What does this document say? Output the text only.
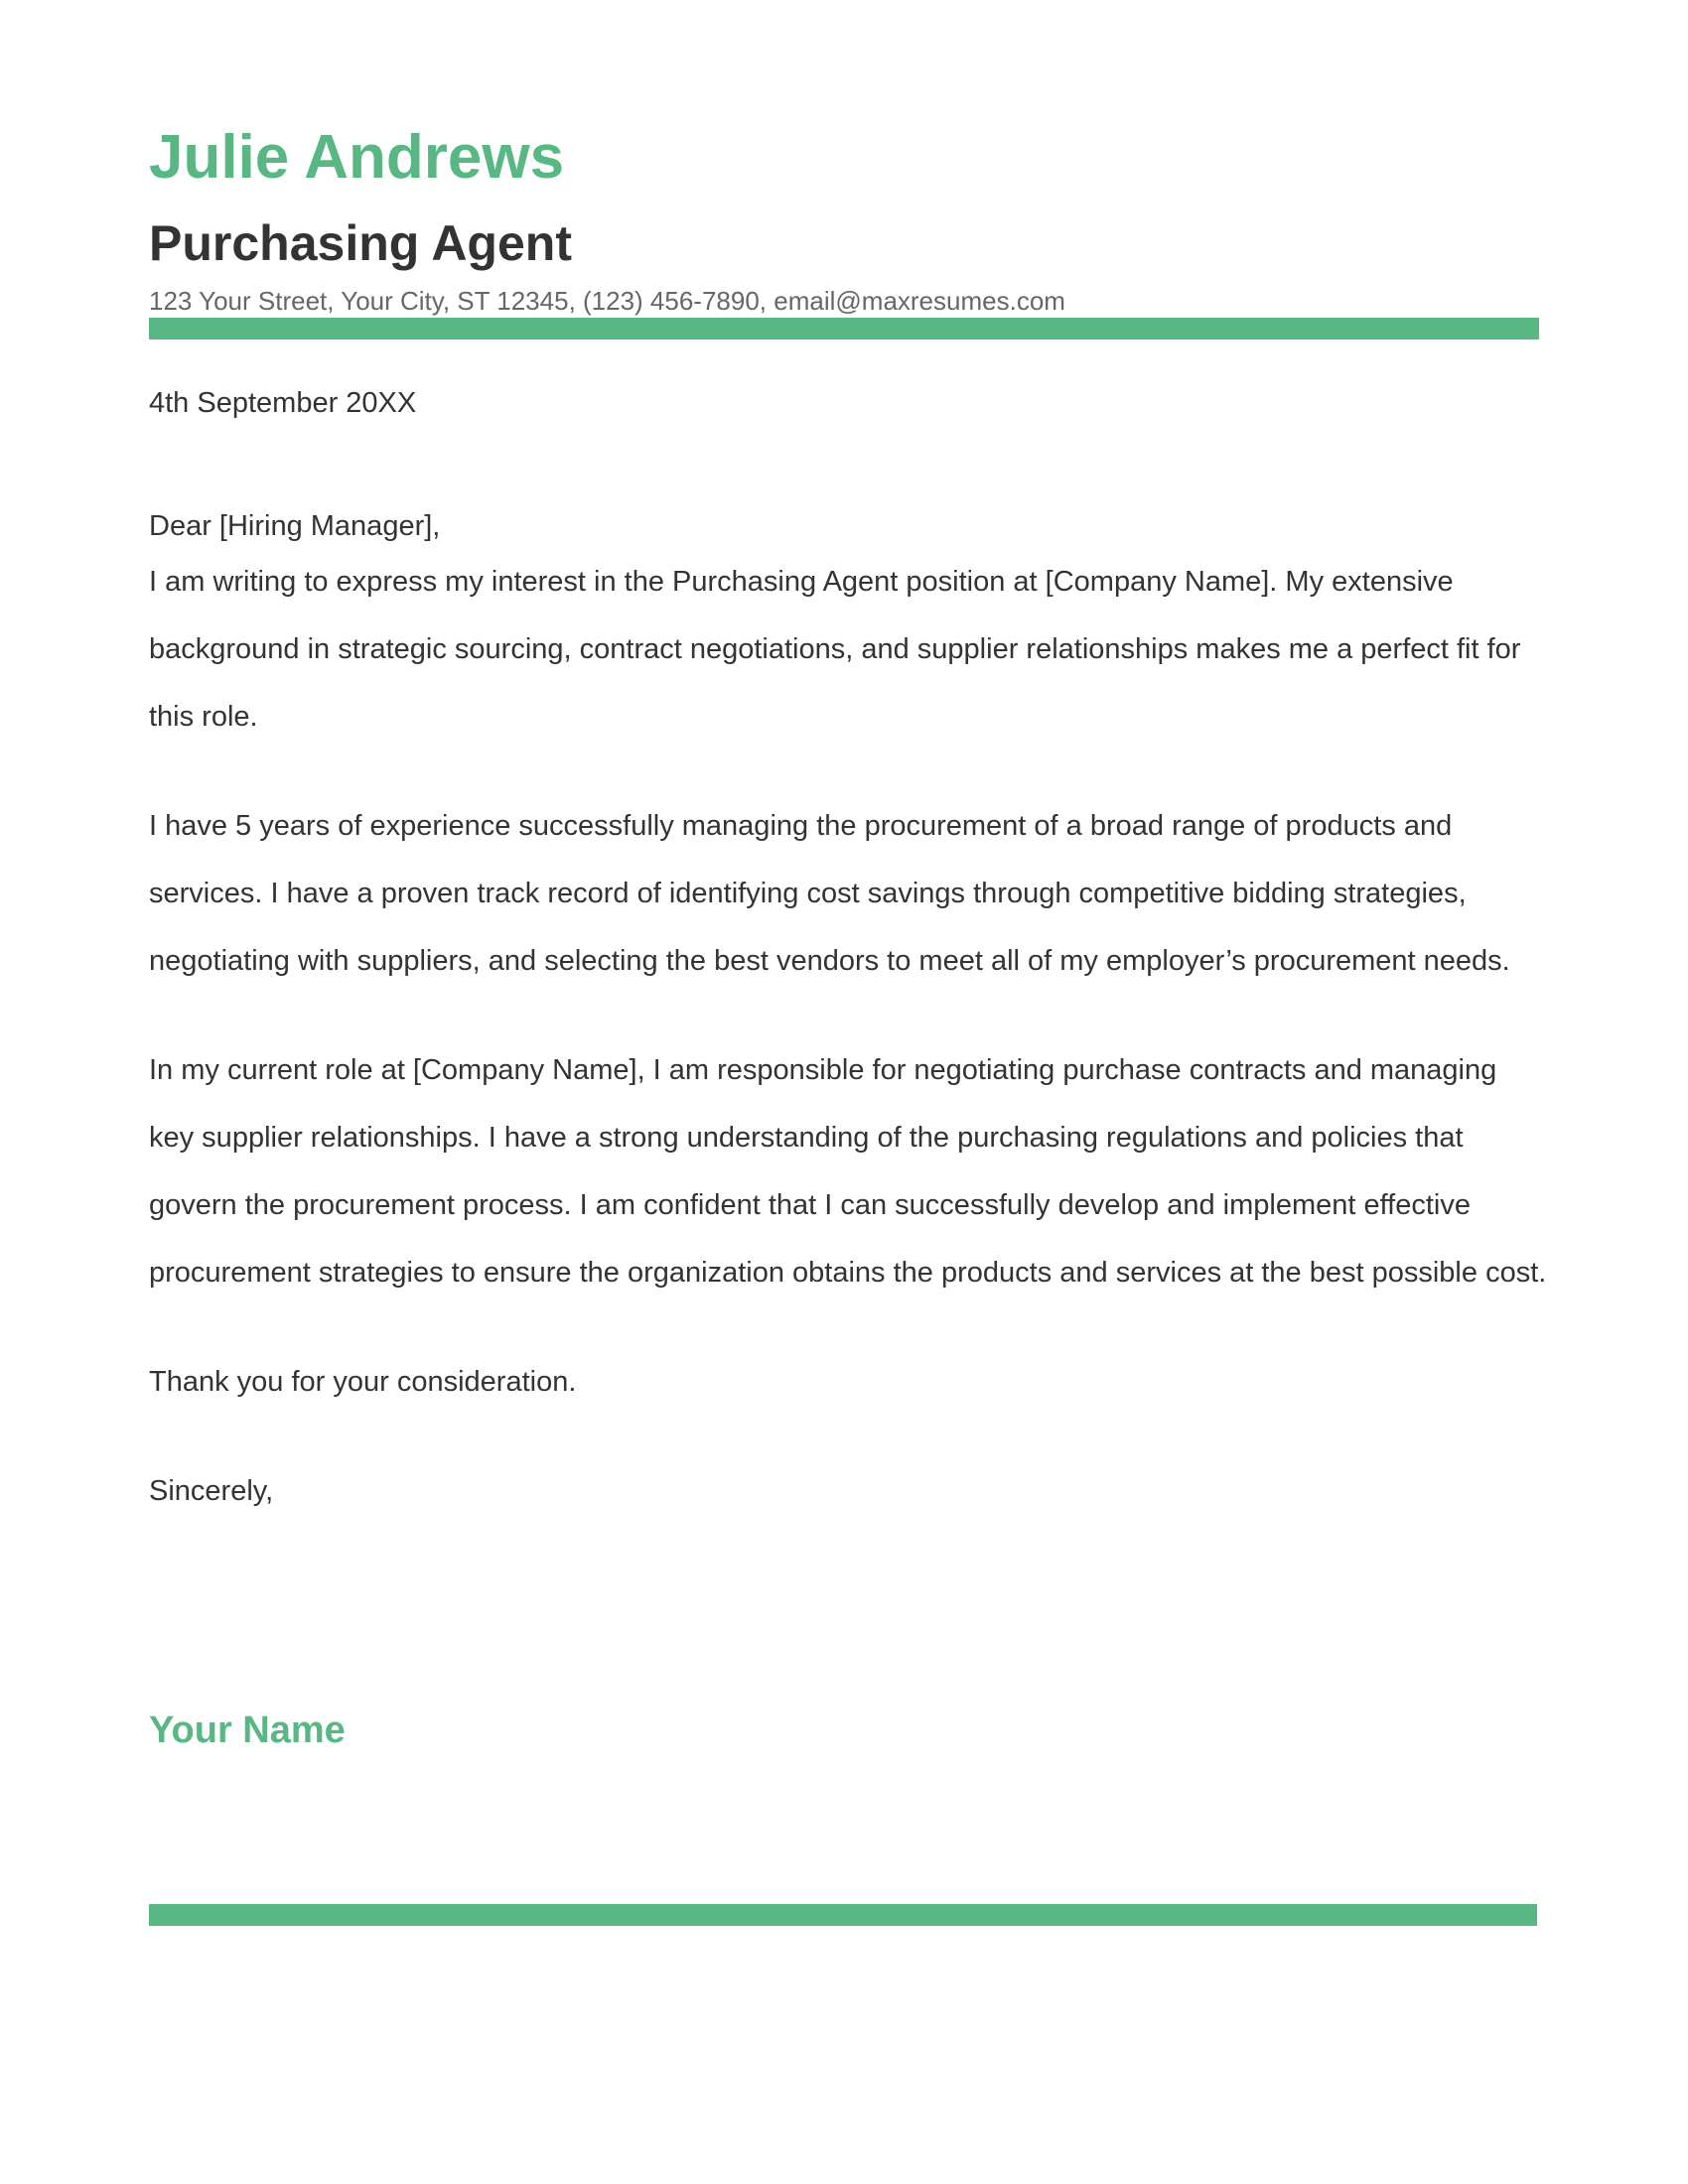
Julie Andrews
Purchasing Agent
123 Your Street, Your City, ST 12345, (123) 456-7890, email@maxresumes.com
4th September 20XX

Dear [Hiring Manager],

I am writing to express my interest in the Purchasing Agent position at [Company Name]. My extensive background in strategic sourcing, contract negotiations, and supplier relationships makes me a perfect fit for this role.

I have 5 years of experience successfully managing the procurement of a broad range of products and services. I have a proven track record of identifying cost savings through competitive bidding strategies, negotiating with suppliers, and selecting the best vendors to meet all of my employer’s procurement needs.

In my current role at [Company Name], I am responsible for negotiating purchase contracts and managing key supplier relationships. I have a strong understanding of the purchasing regulations and policies that govern the procurement process. I am confident that I can successfully develop and implement effective procurement strategies to ensure the organization obtains the products and services at the best possible cost.

Thank you for your consideration.

Sincerely,

Your Name
